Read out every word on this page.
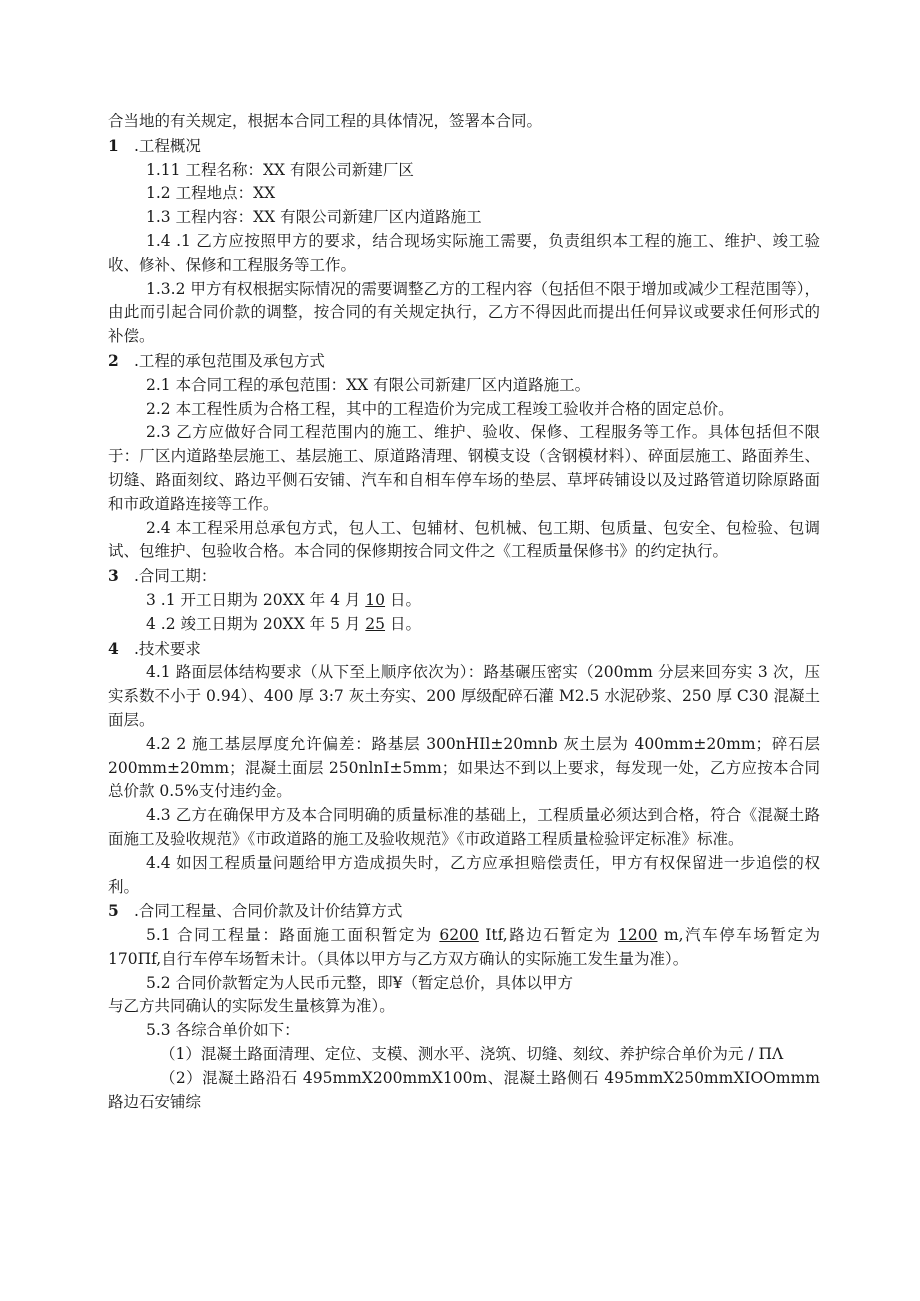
合当地的有关规定，根据本合同工程的具体情况，签署本合同。

1 .工程概况

1.11 工程名称：XX 有限公司新建厂区

1.2 工程地点：XX

1.3 工程内容：XX 有限公司新建厂区内道路施工

1.4 .1 乙方应按照甲方的要求，结合现场实际施工需要，负责组织本工程的施工、维护、竣工验收、修补、保修和工程服务等工作。

1.3.2 甲方有权根据实际情况的需要调整乙方的工程内容（包括但不限于增加或减少工程范围等），由此而引起合同价款的调整，按合同的有关规定执行，乙方不得因此而提出任何异议或要求任何形式的补偿。

2 .工程的承包范围及承包方式

2.1 本合同工程的承包范围：XX 有限公司新建厂区内道路施工。

2.2 本工程性质为合格工程，其中的工程造价为完成工程竣工验收并合格的固定总价。

2.3 乙方应做好合同工程范围内的施工、维护、验收、保修、工程服务等工作。具体包括但不限于：厂区内道路垫层施工、基层施工、原道路清理、钢模支设（含钢模材料）、碎面层施工、路面养生、切缝、路面刻纹、路边平侧石安铺、汽车和自相车停车场的垫层、草坪砖铺设以及过路管道切除原路面和市政道路连接等工作。

2.4 本工程采用总承包方式，包人工、包辅材、包机械、包工期、包质量、包安全、包检验、包调试、包维护、包验收合格。本合同的保修期按合同文件之《工程质量保修书》的约定执行。

3 .合同工期：

3 .1 开工日期为 20XX 年 4 月 10 日。

4 .2 竣工日期为 20XX 年 5 月 25 日。

4 .技术要求

4.1 路面层体结构要求（从下至上顺序依次为）：路基碾压密实（200mm 分层来回夯实 3 次，压实系数不小于 0.94）、400 厚 3:7 灰土夯实、200 厚级配碎石灌 M2.5 水泥砂浆、250 厚 C30 混凝土面层。

4.2 2 施工基层厚度允许偏差：路基层 300nHIl±20mnb 灰土层为 400mm±20mm；碎石层 200mm±20mm；混凝土面层 250nlnI±5mm；如果达不到以上要求，每发现一处，乙方应按本合同总价款 0.5%支付违约金。

4.3 乙方在确保甲方及本合同明确的质量标准的基础上，工程质量必须达到合格，符合《混凝土路面施工及验收规范》《市政道路的施工及验收规范》《市政道路工程质量检验评定标准》标准。

4.4 如因工程质量问题给甲方造成损失时，乙方应承担赔偿责任，甲方有权保留进一步追偿的权利。

5 .合同工程量、合同价款及计价结算方式

5.1 合同工程量：路面施工面积暂定为 6200 Itf,路边石暂定为 1200 m,汽车停车场暂定为 170Πf,自行车停车场暂未计。（具体以甲方与乙方双方确认的实际施工发生量为准）。

5.2 合同价款暂定为人民币元整，即¥（暂定总价，具体以甲方

与乙方共同确认的实际发生量核算为准）。

5.3 各综合单价如下：

（1）混凝土路面清理、定位、支模、测水平、浇筑、切缝、刻纹、养护综合单价为元 / ΠΛ

（2）混凝土路沿石 495mmX200mmX100m、混凝土路侧石 495mmX250mmXIOOmmm 路边石安铺综
